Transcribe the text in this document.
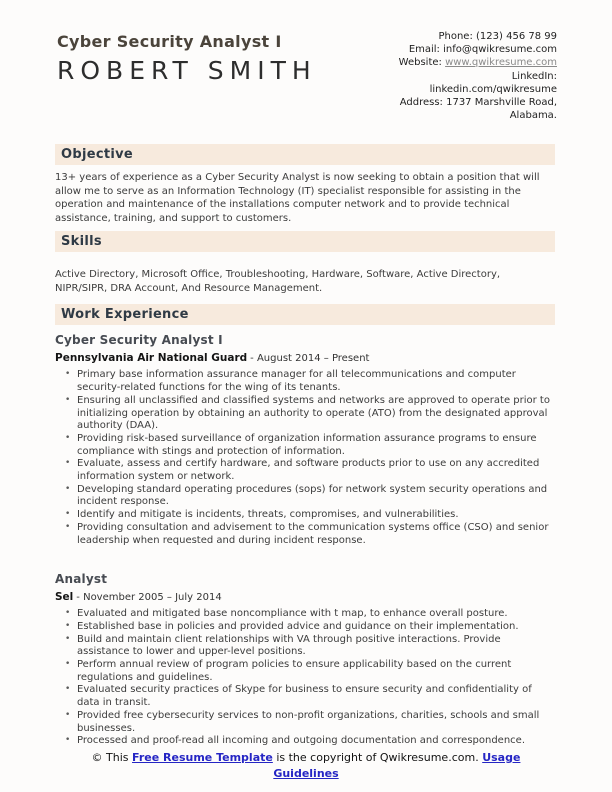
Cyber Security Analyst I
ROBERT SMITH
Phone: (123) 456 78 99
Email: info@qwikresume.com
Website: www.qwikresume.com
LinkedIn:
linkedin.com/qwikresume
Address: 1737 Marshville Road,
Alabama.
Objective

13+ years of experience as a Cyber Security Analyst is now seeking to obtain a position that will allow me to serve as an Information Technology (IT) specialist responsible for assisting in the operation and maintenance of the installations computer network and to provide technical assistance, training, and support to customers.

Skills

Active Directory, Microsoft Office, Troubleshooting, Hardware, Software, Active Directory, NIPR/SIPR, DRA Account, And Resource Management.

Work Experience
Cyber Security Analyst I
Pennsylvania Air National Guard - August 2014 – Present
• Primary base information assurance manager for all telecommunications and computer security-related functions for the wing of its tenants.
• Ensuring all unclassified and classified systems and networks are approved to operate prior to initializing operation by obtaining an authority to operate (ATO) from the designated approval authority (DAA).
• Providing risk-based surveillance of organization information assurance programs to ensure compliance with stings and protection of information.
• Evaluate, assess and certify hardware, and software products prior to use on any accredited information system or network.
• Developing standard operating procedures (sops) for network system security operations and incident response.
• Identify and mitigate is incidents, threats, compromises, and vulnerabilities.
• Providing consultation and advisement to the communication systems office (CSO) and senior leadership when requested and during incident response.
Analyst
Sel - November 2005 – July 2014
• Evaluated and mitigated base noncompliance with t map, to enhance overall posture.
• Established base in policies and provided advice and guidance on their implementation.
• Build and maintain client relationships with VA through positive interactions. Provide assistance to lower and upper-level positions.
• Perform annual review of program policies to ensure applicability based on the current regulations and guidelines.
• Evaluated security practices of Skype for business to ensure security and confidentiality of data in transit.
• Provided free cybersecurity services to non-profit organizations, charities, schools and small businesses.
• Processed and proof-read all incoming and outgoing documentation and correspondence.
© This Free Resume Template is the copyright of Qwikresume.com. Usage Guidelines
